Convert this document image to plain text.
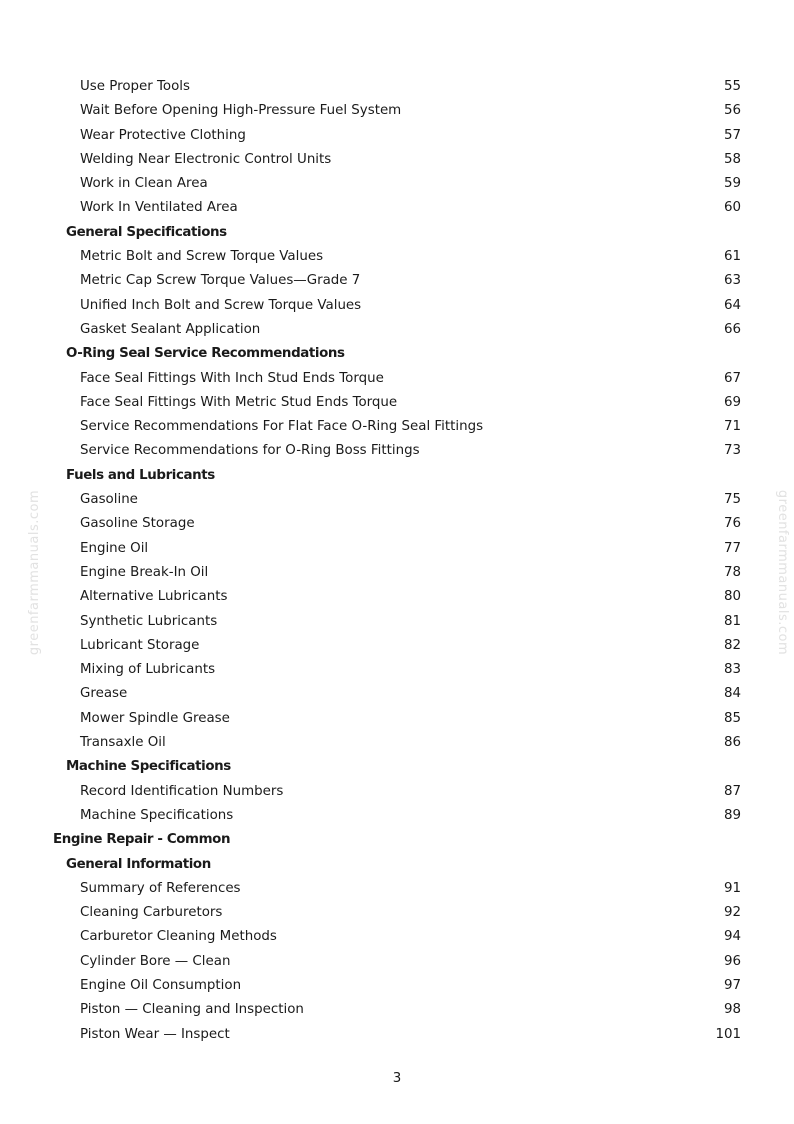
Use Proper Tools	55
Wait Before Opening High-Pressure Fuel System	56
Wear Protective Clothing	57
Welding Near Electronic Control Units	58
Work in Clean Area	59
Work In Ventilated Area	60
General Specifications
Metric Bolt and Screw Torque Values	61
Metric Cap Screw Torque Values—Grade 7	63
Unified Inch Bolt and Screw Torque Values	64
Gasket Sealant Application	66
O-Ring Seal Service Recommendations
Face Seal Fittings With Inch Stud Ends Torque	67
Face Seal Fittings With Metric Stud Ends Torque	69
Service Recommendations For Flat Face O-Ring Seal Fittings	71
Service Recommendations for O-Ring Boss Fittings	73
Fuels and Lubricants
Gasoline	75
Gasoline Storage	76
Engine Oil	77
Engine Break-In Oil	78
Alternative Lubricants	80
Synthetic Lubricants	81
Lubricant Storage	82
Mixing of Lubricants	83
Grease	84
Mower Spindle Grease	85
Transaxle Oil	86
Machine Specifications
Record Identification Numbers	87
Machine Specifications	89
Engine Repair - Common
General Information
Summary of References	91
Cleaning Carburetors	92
Carburetor Cleaning Methods	94
Cylinder Bore — Clean	96
Engine Oil Consumption	97
Piston — Cleaning and Inspection	98
Piston Wear — Inspect	101
greenfarmmanuals.com	greenfarmmanuals.com
3
